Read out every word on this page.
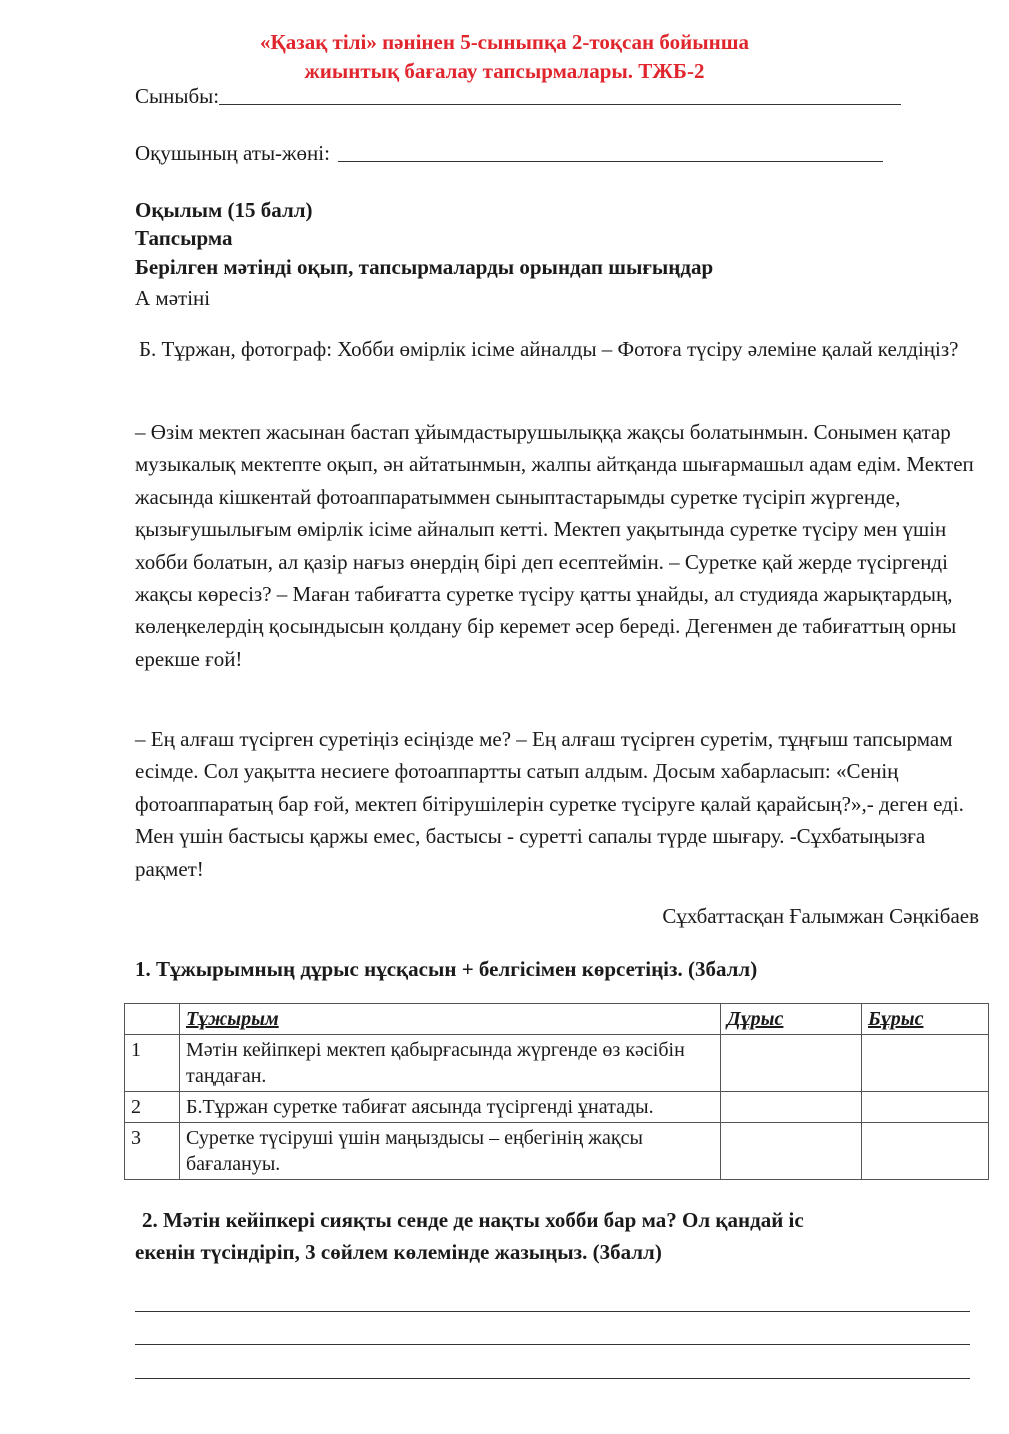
«Қазақ тілі» пәнінен 5-сыныпқа 2-тоқсан бойынша
жиынтық бағалау тапсырмалары. ТЖБ-2
Сыныбы:
Оқушының аты-жөні:
Оқылым (15 балл)
Тапсырма
Берілген мәтінді оқып, тапсырмаларды орындап шығыңдар
А мәтіні
Б. Тұржан, фотограф: Хобби өмірлік ісіме айналды – Фотоға түсіру әлеміне қалай келдіңіз?
– Өзім мектеп жасынан бастап ұйымдастырушылыққа жақсы болатынмын. Сонымен қатар музыкалық мектепте оқып, ән айтатынмын, жалпы айтқанда шығармашыл адам едім. Мектеп жасында кішкентай фотоаппаратыммен сыныптастарымды суретке түсіріп жүргенде, қызығушылығым өмірлік ісіме айналып кетті. Мектеп уақытында суретке түсіру мен үшін хобби болатын, ал қазір нағыз өнердің бірі деп есептеймін. – Суретке қай жерде түсіргенді жақсы көресіз? – Маған табиғатта суретке түсіру қатты ұнайды, ал студияда жарықтардың, көлеңкелердің қосындысын қолдану бір керемет әсер береді. Дегенмен де табиғаттың орны ерекше ғой!
– Ең алғаш түсірген суретіңіз есіңізде ме? – Ең алғаш түсірген суретім, тұңғыш тапсырмам есімде. Сол уақытта несиеге фотоаппартты сатып алдым. Досым хабарласып: «Сенің фотоаппаратың бар ғой, мектеп бітірушілерін суретке түсіруге қалай қарайсың?»,- деген еді. Мен үшін бастысы қаржы емес, бастысы - суретті сапалы түрде шығару. -Сұхбатыңызға рақмет!
Сұхбаттасқан Ғалымжан Сәңкібаев
1. Тұжырымның дұрыс нұсқасын + белгісімен көрсетіңіз. (3балл)
	Тұжырым	Дұрыс	Бұрыс
1	Мәтін кейіпкері мектеп қабырғасында жүргенде өз кәсібін таңдаған.		
2	Б.Тұржан суретке табиғат аясында түсіргенді ұнатады.		
3	Суретке түсіруші үшін маңыздысы – еңбегінің жақсы бағалануы.		
2. Мәтін кейіпкері сияқты сенде де нақты хобби бар ма? Ол қандай іс
екенін түсіндіріп, 3 сөйлем көлемінде жазыңыз. (3балл)
